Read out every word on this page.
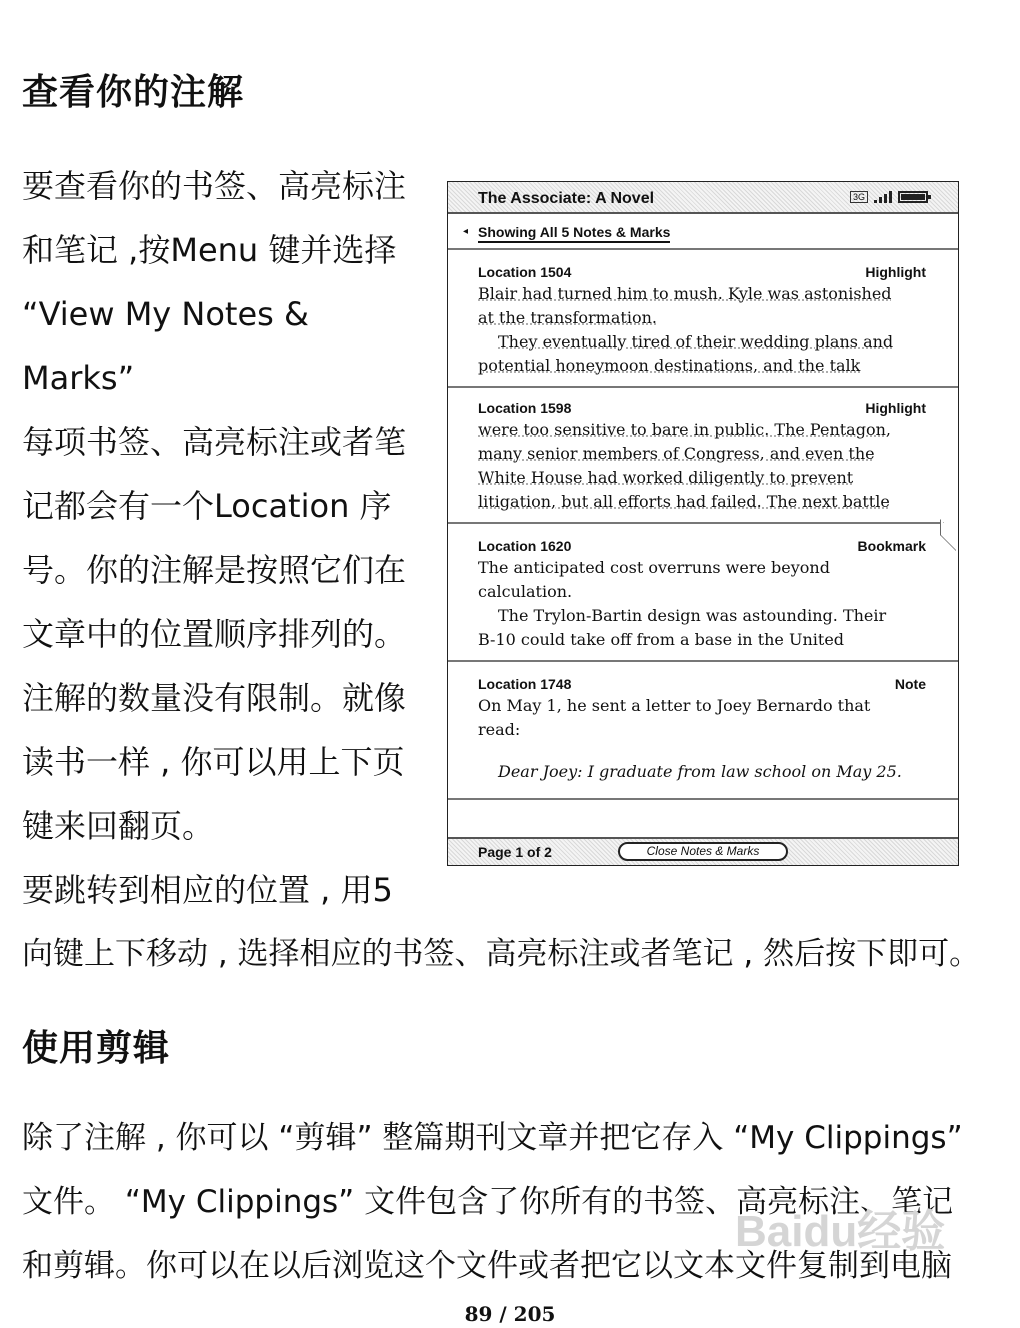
查看你的注解
要查看你的书签、高亮标注
和笔记 ,按Menu 键并选择
“View My Notes &
Marks”
每项书签、高亮标注或者笔
记都会有一个Location 序
号。你的注解是按照它们在
文章中的位置顺序排列的。
注解的数量没有限制。就像
读书一样 , 你可以用上下页
键来回翻页。
要跳转到相应的位置 , 用5
向键上下移动 , 选择相应的书签、高亮标注或者笔记 , 然后按下即可。
使用剪辑
除了注解 , 你可以 “剪辑” 整篇期刊文章并把它存入 “My Clippings”
文件。 “My Clippings” 文件包含了你所有的书签、高亮标注、笔记
和剪辑。你可以在以后浏览这个文件或者把它以文本文件复制到电脑
The Associate: A Novel	3G
◂ Showing All 5 Notes & Marks
Location 1504	Highlight
Blair had turned him to mush. Kyle was astonished
at the transformation.
They eventually tired of their wedding plans and
potential honeymoon destinations, and the talk
Location 1598	Highlight
were too sensitive to bare in public. The Pentagon,
many senior members of Congress, and even the
White House had worked diligently to prevent
litigation, but all efforts had failed. The next battle
Location 1620	Bookmark
The anticipated cost overruns were beyond
calculation.
The Trylon-Bartin design was astounding. Their
B-10 could take off from a base in the United
Location 1748	Note
On May 1, he sent a letter to Joey Bernardo that
read:
Dear Joey: I graduate from law school on May 25.
Page 1 of 2	Close Notes & Marks
Baidu经验
89 / 205
